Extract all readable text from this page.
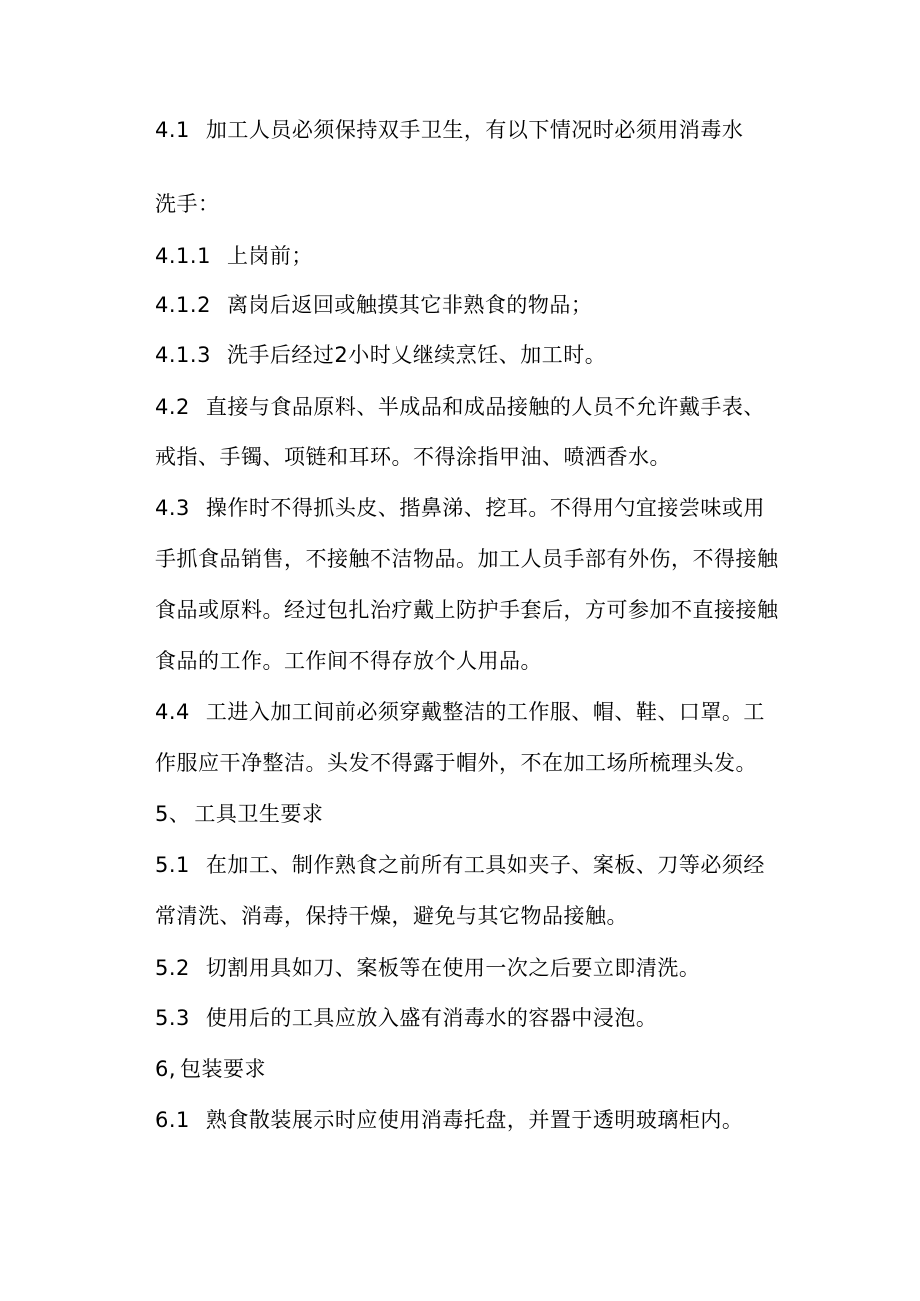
4.1 加工人员必须保持双手卫生，有以下情况时必须用消毒水
洗手：
4.1.1 上岗前；
4.1.2 离岗后返回或触摸其它非熟食的物品；
4.1.3 洗手后经过2小时乂继续烹饪、加工时。
4.2 直接与食品原料、半成品和成品接触的人员不允许戴手表、
戒指、手镯、项链和耳环。不得涂指甲油、喷洒香水。
4.3 操作时不得抓头皮、揩鼻涕、挖耳。不得用勺宜接尝味或用
手抓食品销售，不接触不洁物品。加工人员手部有外伤，不得接触
食品或原料。经过包扎治疗戴上防护手套后，方可参加不直接接触
食品的工作。工作间不得存放个人用品。
4.4 工进入加工间前必须穿戴整洁的工作服、帽、鞋、口罩。工
作服应干净整洁。头发不得露于帽外，不在加工场所梳理头发。
5、 工具卫生要求
5.1 在加工、制作熟食之前所有工具如夹子、案板、刀等必须经
常清洗、消毒，保持干燥，避免与其它物品接触。
5.2 切割用具如刀、案板等在使用一次之后要立即清洗。
5.3 使用后的工具应放入盛有消毒水的容器中浸泡。
6, 包装要求
6.1 熟食散装展示时应使用消毒托盘，并置于透明玻璃柜内。
